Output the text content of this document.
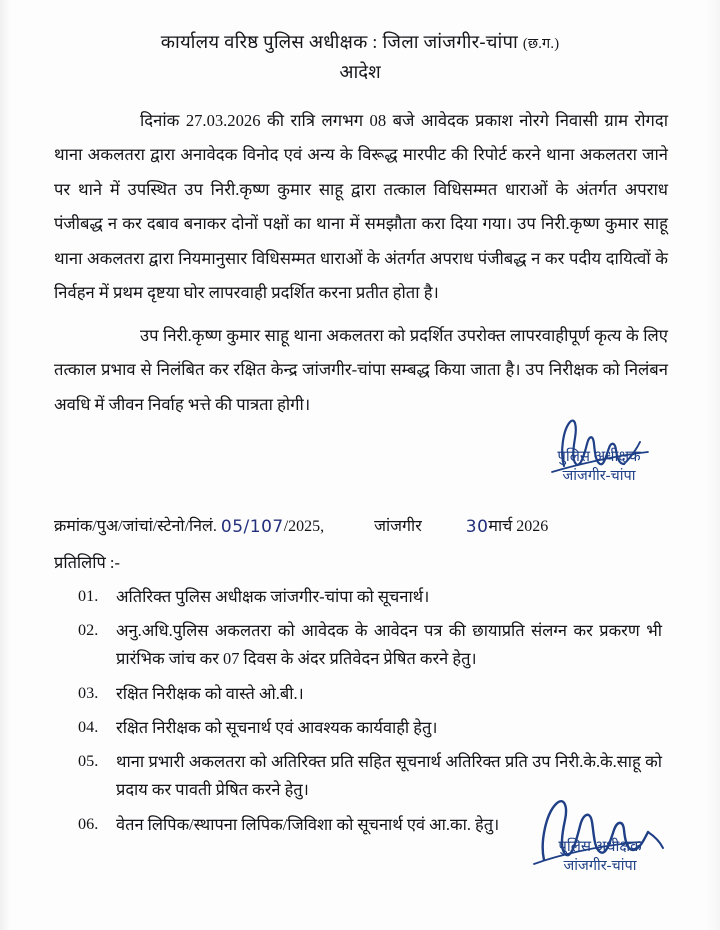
कार्यालय वरिष्ठ पुलिस अधीक्षक : जिला जांजगीर-चांपा (छ.ग.)
आदेश

दिनांक 27.03.2026 की रात्रि लगभग 08 बजे आवेदक प्रकाश नोरगे निवासी ग्राम रोगदा थाना अकलतरा द्वारा अनावेदक विनोद एवं अन्य के विरूद्ध मारपीट की रिपोर्ट करने थाना अकलतरा जाने पर थाने में उपस्थित उप निरी.कृष्ण कुमार साहू द्वारा तत्काल विधिसम्मत धाराओं के अंतर्गत अपराध पंजीबद्ध न कर दबाव बनाकर दोनों पक्षों का थाना में समझौता करा दिया गया। उप निरी.कृष्ण कुमार साहू थाना अकलतरा द्वारा नियमानुसार विधिसम्मत धाराओं के अंतर्गत अपराध पंजीबद्ध न कर पदीय दायित्वों के निर्वहन में प्रथम दृष्टया घोर लापरवाही प्रदर्शित करना प्रतीत होता है।

उप निरी.कृष्ण कुमार साहू थाना अकलतरा को प्रदर्शित उपरोक्त लापरवाहीपूर्ण कृत्य के लिए तत्काल प्रभाव से निलंबित कर रक्षित केन्द्र जांजगीर-चांपा सम्बद्ध किया जाता है। उप निरीक्षक को निलंबन अवधि में जीवन निर्वाह भत्ते की पात्रता होगी।

क्रमांक/पुअ/जांचां/स्टेनो/निलं. 05/107/2025,	जांजगीर	30मार्च 2026
प्रतिलिपि :-
01.	अतिरिक्त पुलिस अधीक्षक जांजगीर-चांपा को सूचनार्थ।
02.	अनु.अधि.पुलिस अकलतरा को आवेदक के आवेदन पत्र की छायाप्रति संलग्न कर प्रकरण भी प्रारंभिक जांच कर 07 दिवस के अंदर प्रतिवेदन प्रेषित करने हेतु।
03.	रक्षित निरीक्षक को वास्ते ओ.बी.।
04.	रक्षित निरीक्षक को सूचनार्थ एवं आवश्यक कार्यवाही हेतु।
05.	थाना प्रभारी अकलतरा को अतिरिक्त प्रति सहित सूचनार्थ अतिरिक्त प्रति उप निरी.के.के.साहू को प्रदाय कर पावती प्रेषित करने हेतु।
06.	वेतन लिपिक/स्थापना लिपिक/जिविशा को सूचनार्थ एवं आ.का. हेतु।
पुलिस अधीक्षक
जांजगीर-चांपा
पुलिस अधीक्षक
जांजगीर-चांपा
